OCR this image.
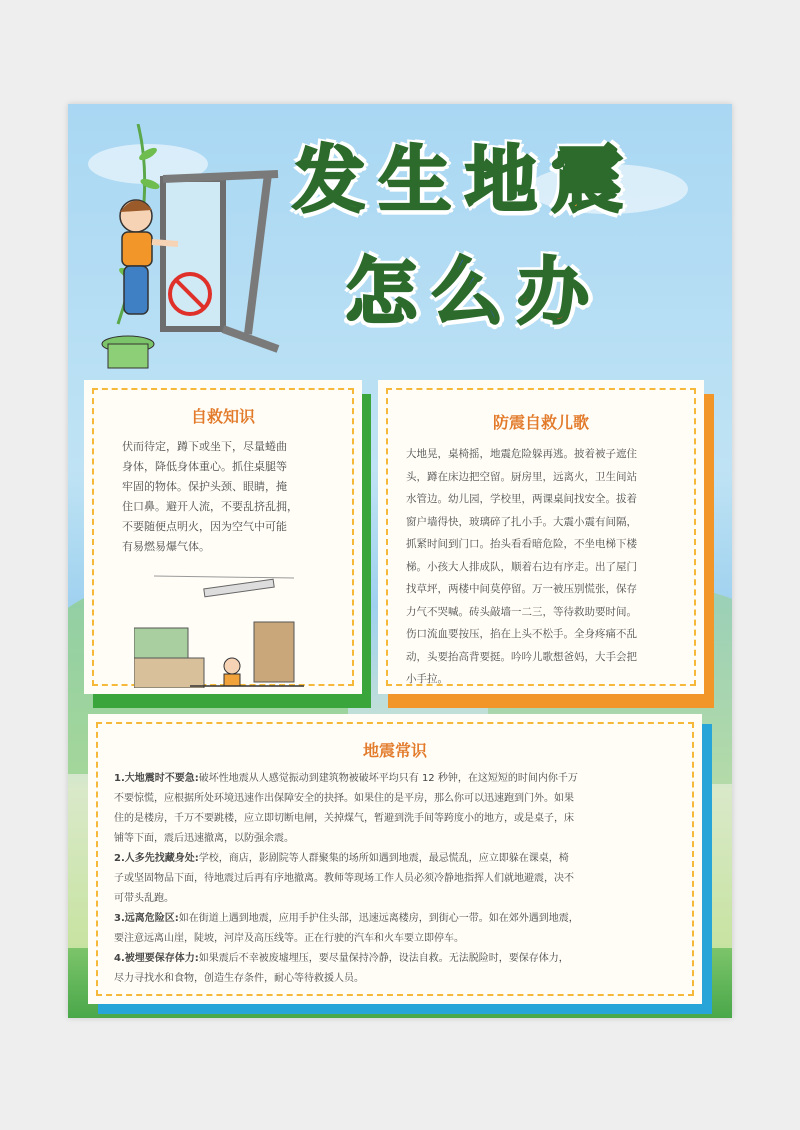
发 生 地 震
怎 么 办
自救知识
伏而待定，蹲下或坐下，尽量蜷曲
身体，降低身体重心。抓住桌腿等
牢固的物体。保护头颈、眼睛，掩
住口鼻。避开人流，不要乱挤乱拥，
不要随便点明火，因为空气中可能
有易燃易爆气体。
防震自救儿歌
大地晃，桌椅摇，地震危险躲再逃。披着被子遮住
头，蹲在床边把空留。厨房里，远离火，卫生间站
水管边。幼儿园，学校里，两课桌间找安全。拔着
窗户墙得快，玻璃碎了扎小手。大震小震有间隔，
抓紧时间到门口。抬头看看暗危险，不坐电梯下楼
梯。小孩大人排成队，顺着右边有序走。出了屋门
找草坪，两楼中间莫停留。万一被压别慌张，保存
力气不哭喊。砖头敲墙一二三，等待救助要时间。
伤口流血要按压，掐在上头不松手。全身疼痛不乱
动，头要抬高背要挺。吟吟儿歌想爸妈，大手会把
小手拉。
地震常识
1.大地震时不要急:破坏性地震从人感觉振动到建筑物被破坏平均只有 12 秒钟，在这短短的时间内你千万
不要惊慌，应根据所处环境迅速作出保障安全的抉择。如果住的是平房，那么你可以迅速跑到门外。如果
住的是楼房，千万不要跳楼，应立即切断电闸，关掉煤气，暂避到洗手间等跨度小的地方，或是桌子，床
铺等下面，震后迅速撤离，以防强余震。
2.人多先找藏身处:学校，商店，影剧院等人群聚集的场所如遇到地震，最忌慌乱，应立即躲在课桌，椅
子或坚固物品下面，待地震过后再有序地撤离。教师等现场工作人员必须冷静地指挥人们就地避震，决不
可带头乱跑。
3.远离危险区:如在街道上遇到地震，应用手护住头部，迅速远离楼房，到街心一带。如在郊外遇到地震，
要注意远离山崖，陡坡，河岸及高压线等。正在行驶的汽车和火车要立即停车。
4.被埋要保存体力:如果震后不幸被废墟埋压，要尽量保持冷静，设法自救。无法脱险时，要保存体力，
尽力寻找水和食物，创造生存条件，耐心等待救援人员。
